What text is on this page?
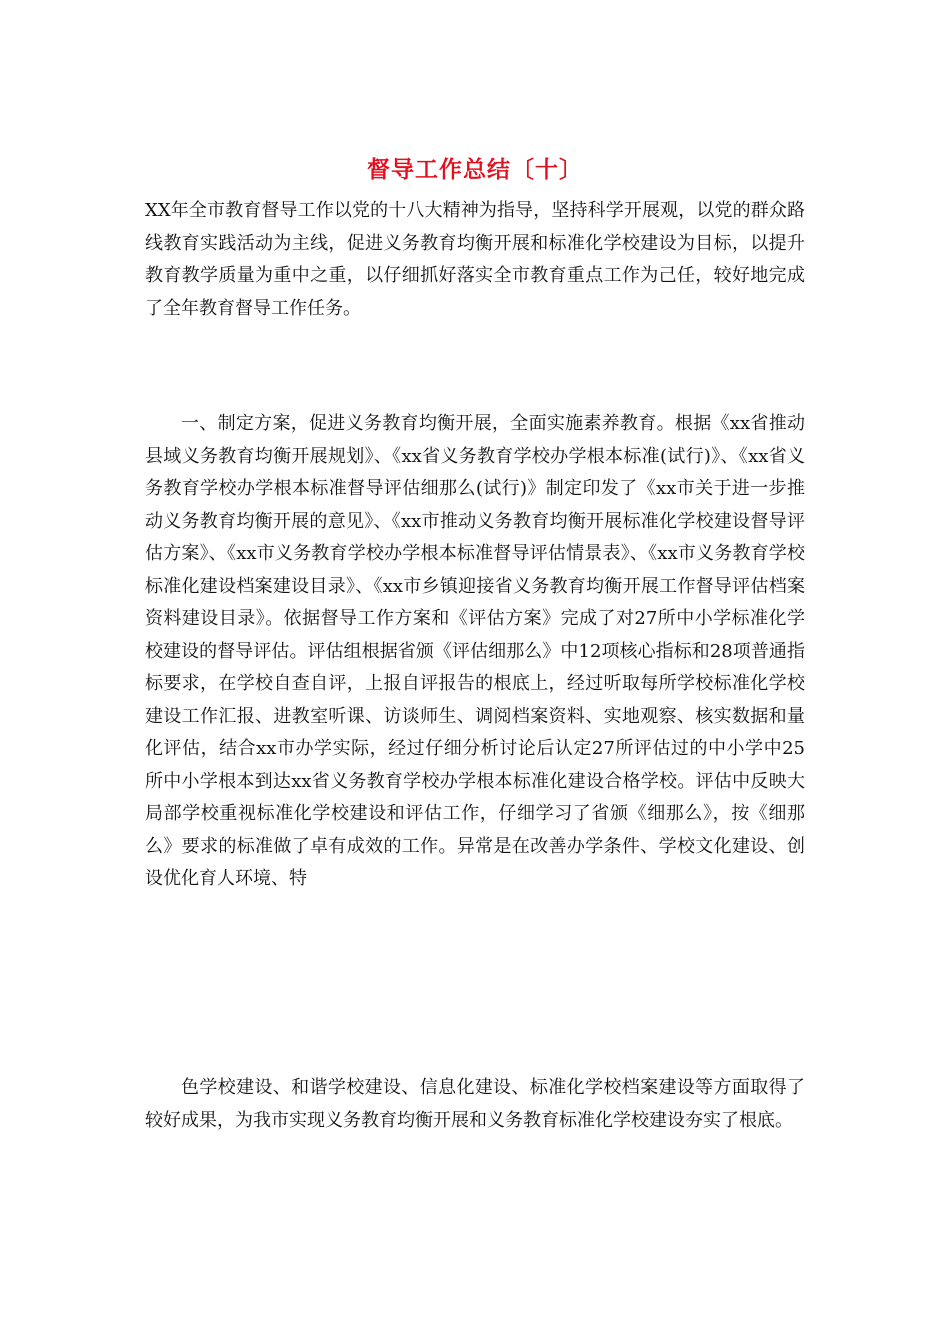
督导工作总结〔十〕

XX年全市教育督导工作以党的十八大精神为指导，坚持科学开展观，以党的群众路线教育实践活动为主线，促进义务教育均衡开展和标准化学校建设为目标，以提升教育教学质量为重中之重，以仔细抓好落实全市教育重点工作为己任，较好地完成了全年教育督导工作任务。

一、制定方案，促进义务教育均衡开展，全面实施素养教育。根据《xx省推动县域义务教育均衡开展规划》、《xx省义务教育学校办学根本标准(试行)》、《xx省义务教育学校办学根本标准督导评估细那么(试行)》制定印发了《xx市关于进一步推动义务教育均衡开展的意见》、《xx市推动义务教育均衡开展标准化学校建设督导评估方案》、《xx市义务教育学校办学根本标准督导评估情景表》、《xx市义务教育学校标准化建设档案建设目录》、《xx市乡镇迎接省义务教育均衡开展工作督导评估档案资料建设目录》。依据督导工作方案和《评估方案》完成了对27所中小学标准化学校建设的督导评估。评估组根据省颁《评估细那么》中12项核心指标和28项普通指标要求，在学校自查自评，上报自评报告的根底上，经过听取每所学校标准化学校建设工作汇报、进教室听课、访谈师生、调阅档案资料、实地观察、核实数据和量化评估，结合xx市办学实际，经过仔细分析讨论后认定27所评估过的中小学中25所中小学根本到达xx省义务教育学校办学根本标准化建设合格学校。评估中反映大局部学校重视标准化学校建设和评估工作，仔细学习了省颁《细那么》，按《细那么》要求的标准做了卓有成效的工作。异常是在改善办学条件、学校文化建设、创设优化育人环境、特

色学校建设、和谐学校建设、信息化建设、标准化学校档案建设等方面取得了较好成果，为我市实现义务教育均衡开展和义务教育标准化学校建设夯实了根底。
